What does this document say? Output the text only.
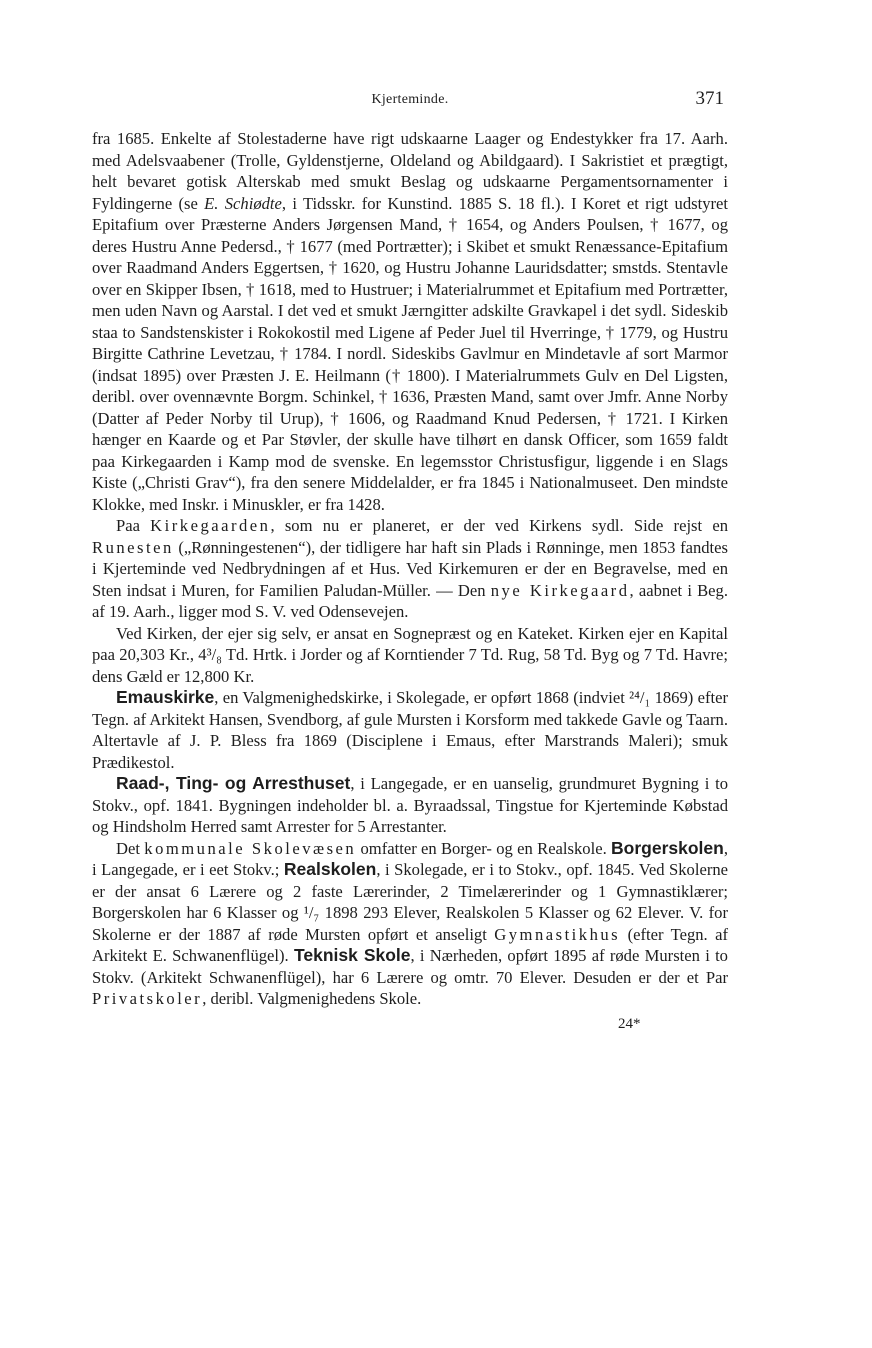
Kjerteminde.	371

fra 1685. Enkelte af Stolestaderne have rigt udskaarne Laager og Endestykker fra 17. Aarh. med Adelsvaabener (Trolle, Gyldenstjerne, Oldeland og Abildgaard). I Sakristiet et prægtigt, helt bevaret gotisk Alterskab med smukt Beslag og udskaarne Pergamentsornamenter i Fyldingerne (se E. Schiødte, i Tidsskr. for Kunstind. 1885 S. 18 fl.). I Koret et rigt udstyret Epitafium over Præsterne Anders Jørgensen Mand, † 1654, og Anders Poulsen, † 1677, og deres Hustru Anne Pedersd., † 1677 (med Portrætter); i Skibet et smukt Renæssance-Epitafium over Raadmand Anders Eggertsen, † 1620, og Hustru Johanne Lauridsdatter; smstds. Stentavle over en Skipper Ibsen, † 1618, med to Hustruer; i Materialrummet et Epitafium med Portrætter, men uden Navn og Aarstal. I det ved et smukt Jærngitter adskilte Gravkapel i det sydl. Sideskib staa to Sandstenskister i Rokokostil med Ligene af Peder Juel til Hverringe, † 1779, og Hustru Birgitte Cathrine Levetzau, † 1784. I nordl. Sideskibs Gavlmur en Mindetavle af sort Marmor (indsat 1895) over Præsten J. E. Heilmann († 1800). I Materialrummets Gulv en Del Ligsten, deribl. over ovennævnte Borgm. Schinkel, † 1636, Præsten Mand, samt over Jmfr. Anne Norby (Datter af Peder Norby til Urup), † 1606, og Raadmand Knud Pedersen, † 1721. I Kirken hænger en Kaarde og et Par Støvler, der skulle have tilhørt en dansk Officer, som 1659 faldt paa Kirkegaarden i Kamp mod de svenske. En legemsstor Christusfigur, liggende i en Slags Kiste („Christi Grav“), fra den senere Middelalder, er fra 1845 i Nationalmuseet. Den mindste Klokke, med Inskr. i Minuskler, er fra 1428.

Paa Kirkegaarden, som nu er planeret, er der ved Kirkens sydl. Side rejst en Runesten („Rønningestenen“), der tidligere har haft sin Plads i Rønninge, men 1853 fandtes i Kjerteminde ved Nedbrydningen af et Hus. Ved Kirkemuren er der en Begravelse, med en Sten indsat i Muren, for Familien Paludan-Müller. — Den nye Kirkegaard, aabnet i Beg. af 19. Aarh., ligger mod S. V. ved Odensevejen.

Ved Kirken, der ejer sig selv, er ansat en Sognepræst og en Kateket. Kirken ejer en Kapital paa 20,303 Kr., 4³/₈ Td. Hrtk. i Jorder og af Korntiender 7 Td. Rug, 58 Td. Byg og 7 Td. Havre; dens Gæld er 12,800 Kr.

Emauskirke, en Valgmenighedskirke, i Skolegade, er opført 1868 (indviet ²⁴/₁ 1869) efter Tegn. af Arkitekt Hansen, Svendborg, af gule Mursten i Korsform med takkede Gavle og Taarn. Altertavle af J. P. Bless fra 1869 (Disciplene i Emaus, efter Marstrands Maleri); smuk Prædikestol.

Raad-, Ting- og Arresthuset, i Langegade, er en uanselig, grundmuret Bygning i to Stokv., opf. 1841. Bygningen indeholder bl. a. Byraadssal, Tingstue for Kjerteminde Købstad og Hindsholm Herred samt Arrester for 5 Arrestanter.

Det kommunale Skolevæsen omfatter en Borger- og en Realskole. Borgerskolen, i Langegade, er i eet Stokv.; Realskolen, i Skolegade, er i to Stokv., opf. 1845. Ved Skolerne er der ansat 6 Lærere og 2 faste Lærerinder, 2 Timelærerinder og 1 Gymnastiklærer; Borgerskolen har 6 Klasser og ¹/₇ 1898 293 Elever, Realskolen 5 Klasser og 62 Elever. V. for Skolerne er der 1887 af røde Mursten opført et anseligt Gymnastikhus (efter Tegn. af Arkitekt E. Schwanenflügel). Teknisk Skole, i Nærheden, opført 1895 af røde Mursten i to Stokv. (Arkitekt Schwanenflügel), har 6 Lærere og omtr. 70 Elever. Desuden er der et Par Privatskoler, deribl. Valgmenighedens Skole.

24*
